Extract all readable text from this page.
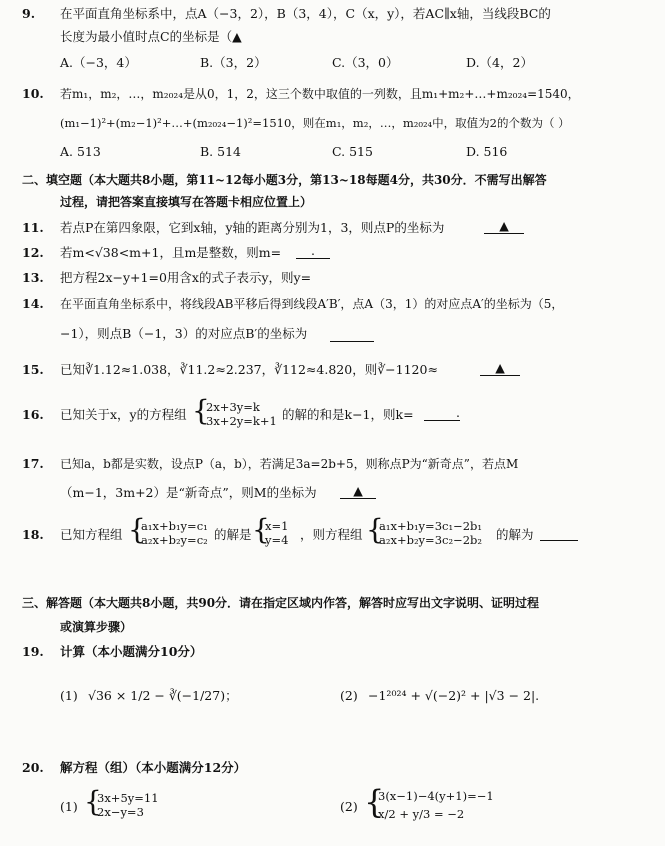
9. 在平面直角坐标系中，点A（−3，2），B（3，4），C（x，y），若AC∥x轴，当线段BC的
长度为最小值时点C的坐标是（▲
A.（−3，4）	B.（3，2）	C.（3，0）	D.（4，2）
10. 若m₁，m₂，…，m₂₀₂₄是从0，1，2，这三个数中取值的一列数，且m₁+m₂+…+m₂₀₂₄=1540，
(m₁−1)²+(m₂−1)²+…+(m₂₀₂₄−1)²=1510，则在m₁，m₂，…，m₂₀₂₄中，取值为2的个数为（ ）
A. 513	B. 514	C. 515	D. 516
二、填空题（本大题共8小题，第11~12每小题3分，第13~18每题4分，共30分．不需写出解答
过程，请把答案直接填写在答题卡相应位置上）
11. 若点P在第四象限，它到x轴，y轴的距离分别为1，3，则点P的坐标为	▲
12. 若m<√38<m+1，且m是整数，则m=	.
13. 把方程2x−y+1=0用含x的式子表示y，则y=
14. 在平面直角坐标系中，将线段AB平移后得到线段A′B′，点A（3，1）的对应点A′的坐标为（5，
−1），则点B（−1，3）的对应点B′的坐标为
15. 已知∛1.12≈1.038，∛11.2≈2.237，∛112≈4.820，则∛−1120≈	▲
16. 已知关于x，y的方程组 {
2x+3y=k
3x+2y=k+1 的解的和是k−1，则k=	.
17. 已知a，b都是实数，设点P（a，b），若满足3a=2b+5，则称点P为“新奇点”，若点M
（m−1，3m+2）是“新奇点”，则M的坐标为	▲
18. 已知方程组 {
a₁x+b₁y=c₁
a₂x+b₂y=c₂ 的解是 {
x=1
y=4 ，则方程组 {
a₁x+b₁y=3c₁−2b₁
a₂x+b₂y=3c₂−2b₂ 的解为
三、解答题（本大题共8小题，共90分．请在指定区域内作答，解答时应写出文字说明、证明过程
或演算步骤）
19. 计算（本小题满分10分）
(1) √36 × 1/2 − ∛(−1/27)；	(2) −1²⁰²⁴ + √(−2)² + |√3 − 2|.
20. 解方程（组）（本小题满分12分）
(1) {
3x+5y=11
2x−y=3	(2) {
3(x−1)−4(y+1)=−1
x/2 + y/3 = −2
